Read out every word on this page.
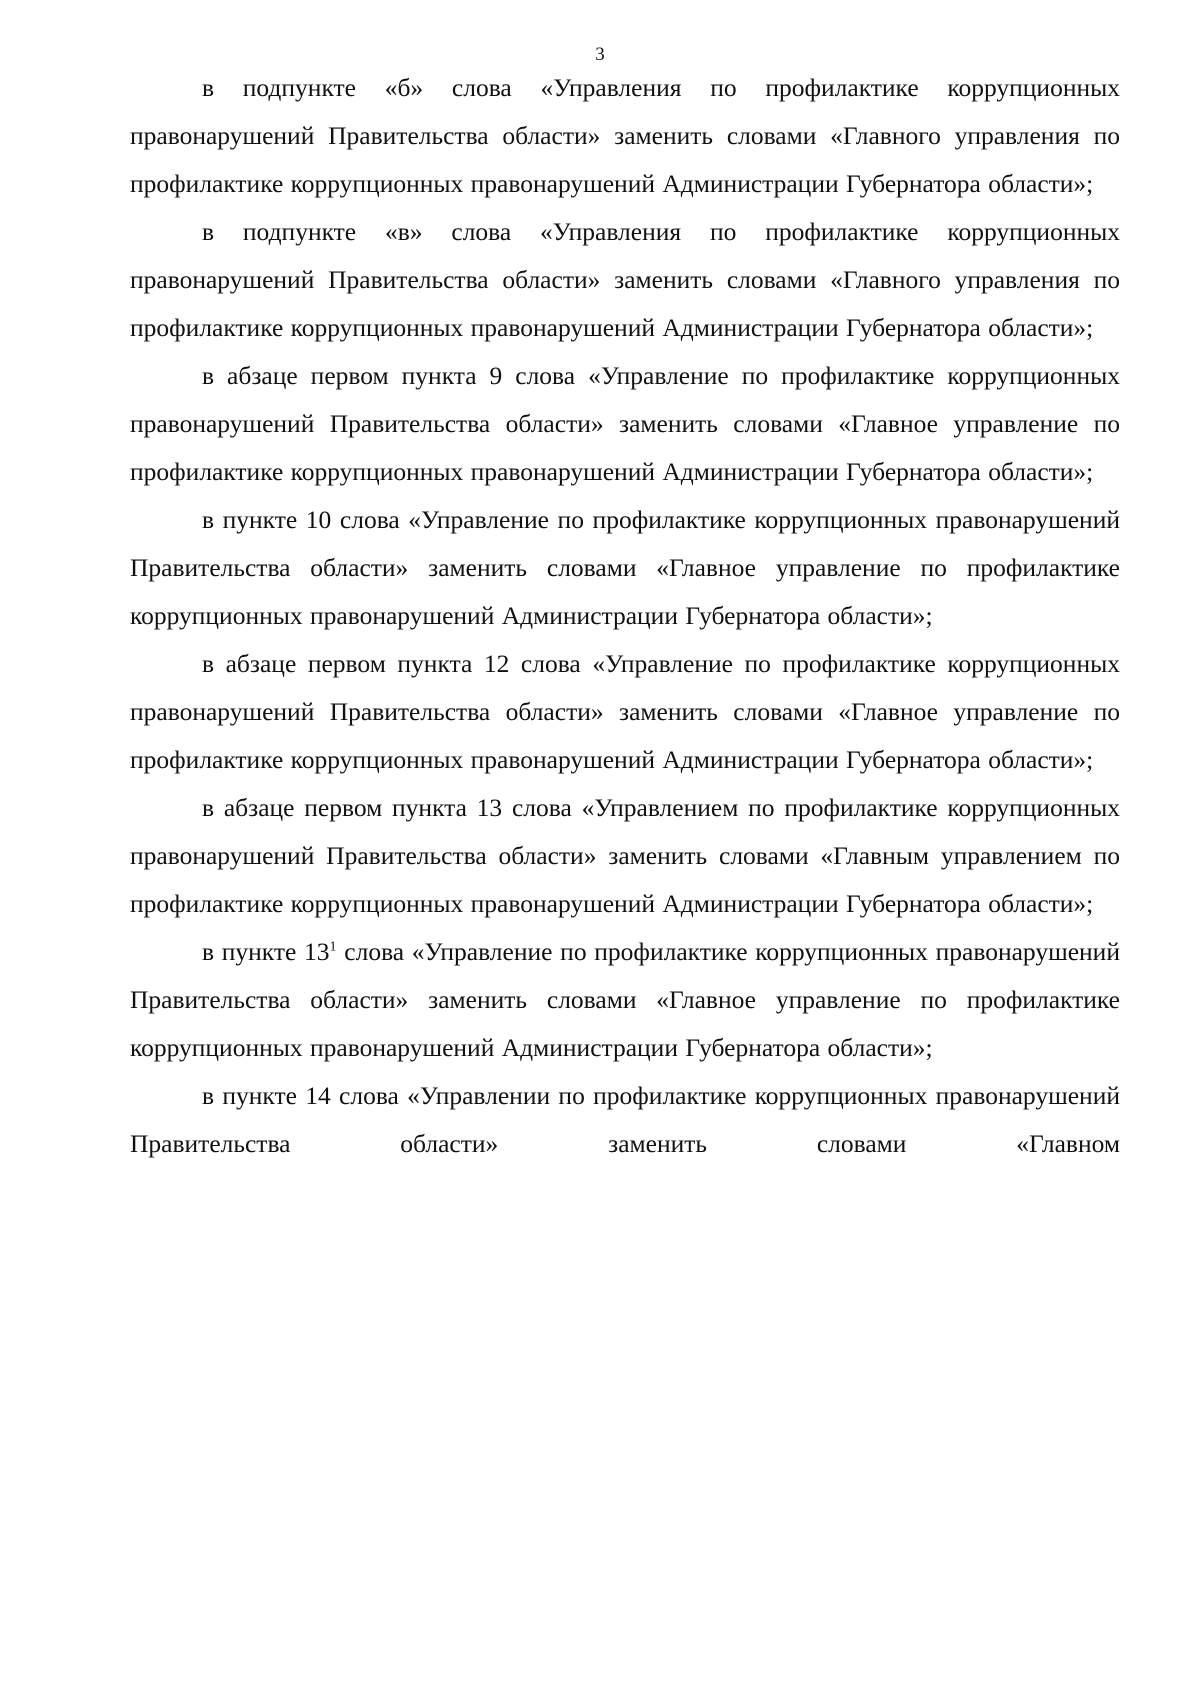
3

в подпункте «б» слова «Управления по профилактике коррупционных правонарушений Правительства области» заменить словами «Главного управления по профилактике коррупционных правонарушений Администрации Губернатора области»;

в подпункте «в» слова «Управления по профилактике коррупционных правонарушений Правительства области» заменить словами «Главного управления по профилактике коррупционных правонарушений Администрации Губернатора области»;

в абзаце первом пункта 9 слова «Управление по профилактике коррупционных правонарушений Правительства области» заменить словами «Главное управление по профилактике коррупционных правонарушений Администрации Губернатора области»;

в пункте 10 слова «Управление по профилактике коррупционных правонарушений Правительства области» заменить словами «Главное управление по профилактике коррупционных правонарушений Администрации Губернатора области»;

в абзаце первом пункта 12 слова «Управление по профилактике коррупционных правонарушений Правительства области» заменить словами «Главное управление по профилактике коррупционных правонарушений Администрации Губернатора области»;

в абзаце первом пункта 13 слова «Управлением по профилактике коррупционных правонарушений Правительства области» заменить словами «Главным управлением по профилактике коррупционных правонарушений Администрации Губернатора области»;

в пункте $13^1$ слова «Управление по профилактике коррупционных правонарушений Правительства области» заменить словами «Главное управление по профилактике коррупционных правонарушений Администрации Губернатора области»;

в пункте 14 слова «Управлении по профилактике коррупционных правонарушений Правительства области» заменить словами «Главном
